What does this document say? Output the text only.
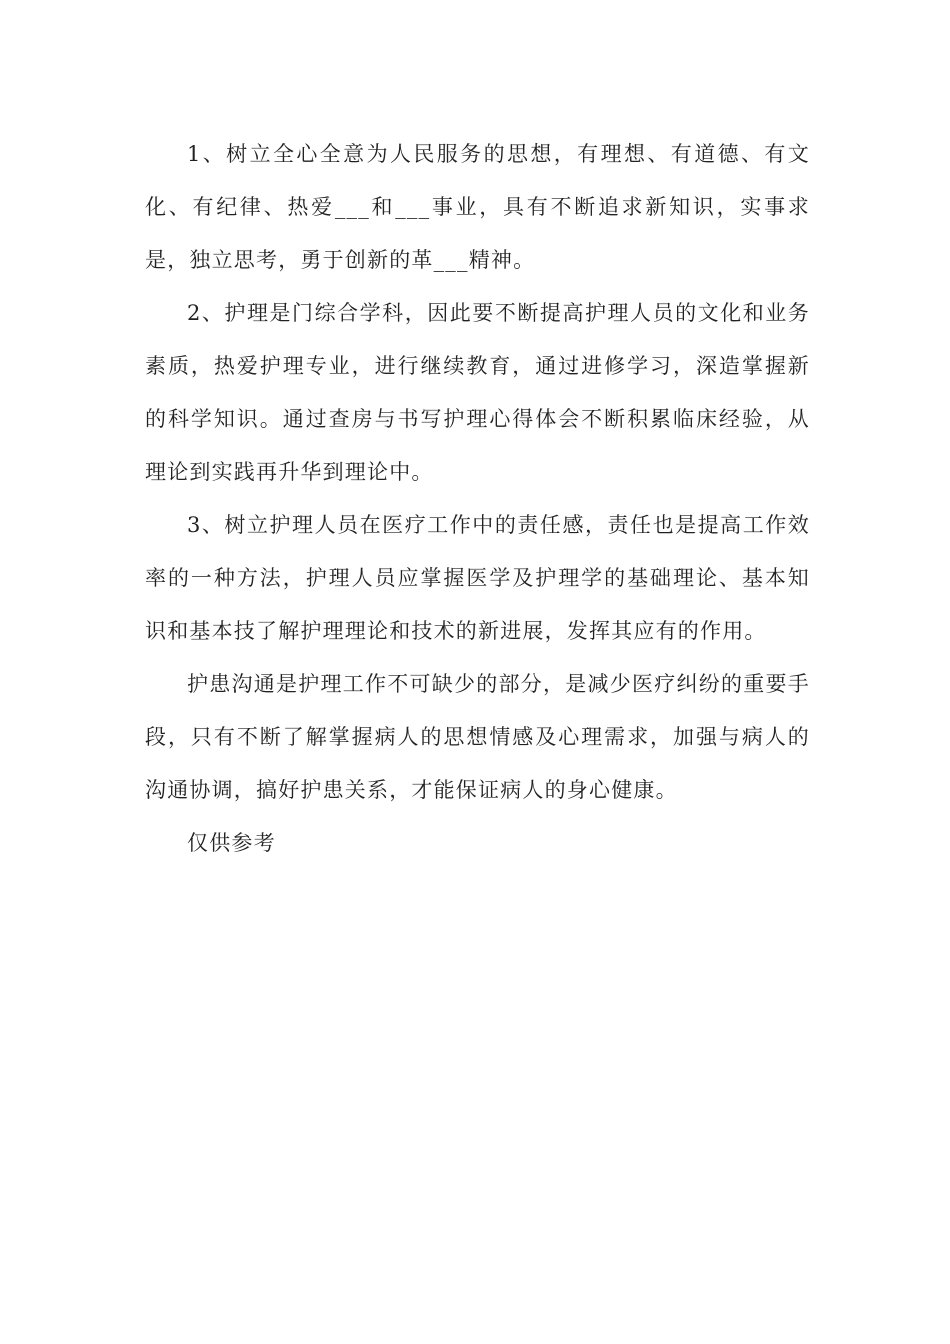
1、树立全心全意为人民服务的思想，有理想、有道德、有文化、有纪律、热爱___和___事业，具有不断追求新知识，实事求是，独立思考，勇于创新的革___精神。

2、护理是门综合学科，因此要不断提高护理人员的文化和业务素质，热爱护理专业，进行继续教育，通过进修学习，深造掌握新的科学知识。通过查房与书写护理心得体会不断积累临床经验，从理论到实践再升华到理论中。

3、树立护理人员在医疗工作中的责任感，责任也是提高工作效率的一种方法，护理人员应掌握医学及护理学的基础理论、基本知识和基本技了解护理理论和技术的新进展，发挥其应有的作用。

护患沟通是护理工作不可缺少的部分，是减少医疗纠纷的重要手段，只有不断了解掌握病人的思想情感及心理需求，加强与病人的沟通协调，搞好护患关系，才能保证病人的身心健康。

仅供参考
